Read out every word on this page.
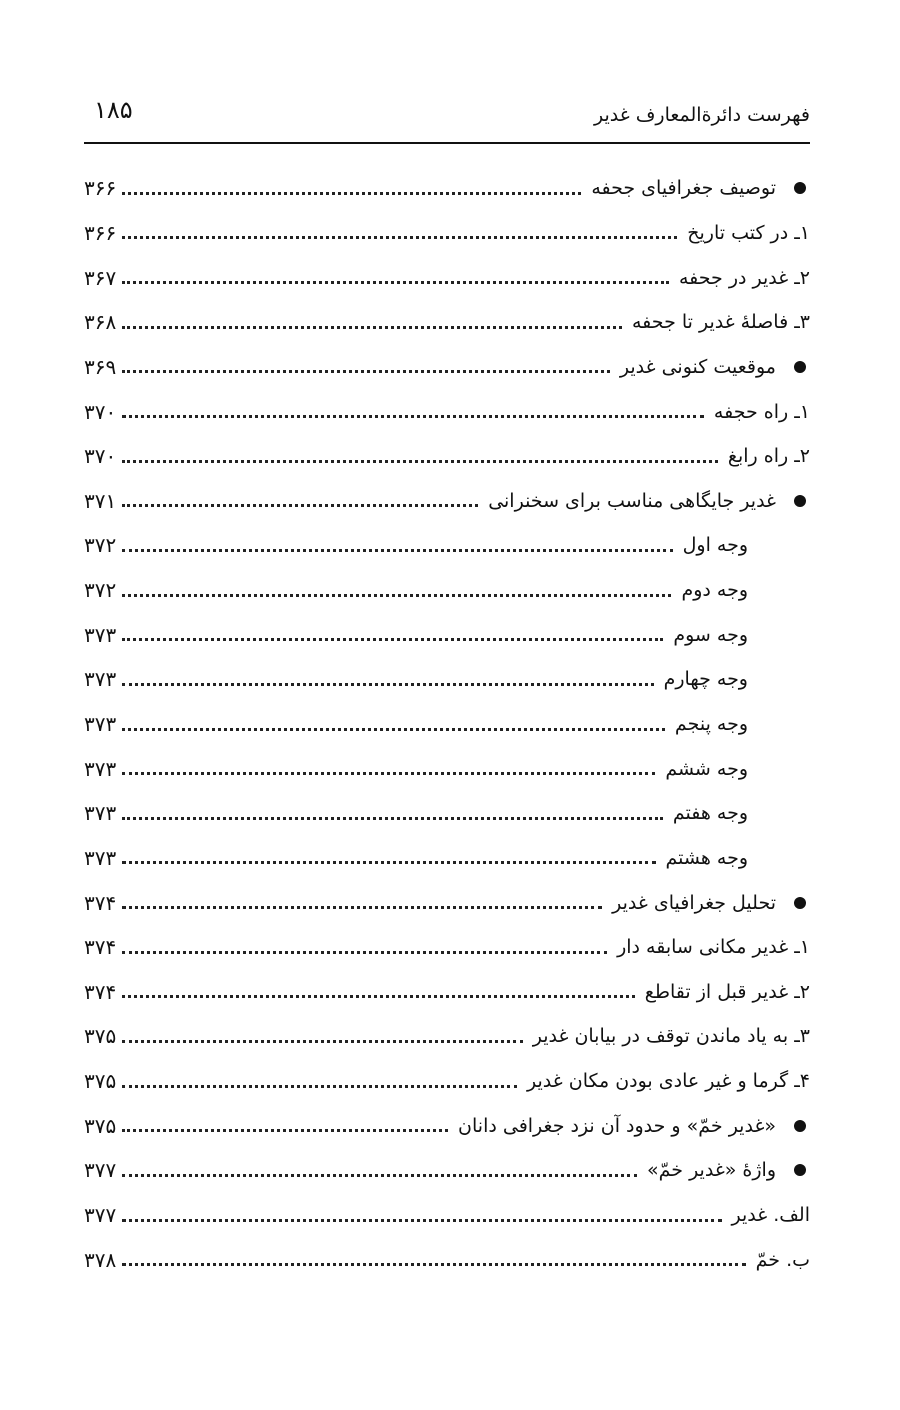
فهرست دائرةالمعارف غدیر
۱۸۵
توصیف جغرافیای جحفه
۳۶۶
۱ـ در کتب تاریخ
۳۶۶
۲ـ غدیر در جحفه
۳۶۷
۳ـ فاصلهٔ غدیر تا جحفه
۳۶۸
موقعیت کنونی غدیر
۳۶۹
۱ـ راه حجفه
۳۷۰
۲ـ راه رابغ
۳۷۰
غدیر جایگاهی مناسب برای سخنرانی
۳۷۱
وجه اول
۳۷۲
وجه دوم
۳۷۲
وجه سوم
۳۷۳
وجه چهارم
۳۷۳
وجه پنجم
۳۷۳
وجه ششم
۳۷۳
وجه هفتم
۳۷۳
وجه هشتم
۳۷۳
تحلیل جغرافیای غدیر
۳۷۴
۱ـ غدیر مکانی سابقه دار
۳۷۴
۲ـ غدیر قبل از تقاطع
۳۷۴
۳ـ به یاد ماندن توقف در بیابان غدیر
۳۷۵
۴ـ گرما و غیر عادی بودن مکان غدیر
۳۷۵
«غدیر خمّ» و حدود آن نزد جغرافی دانان
۳۷۵
واژهٔ «غدیر خمّ»
۳۷۷
الف. غدیر
۳۷۷
ب. خمّ
۳۷۸
